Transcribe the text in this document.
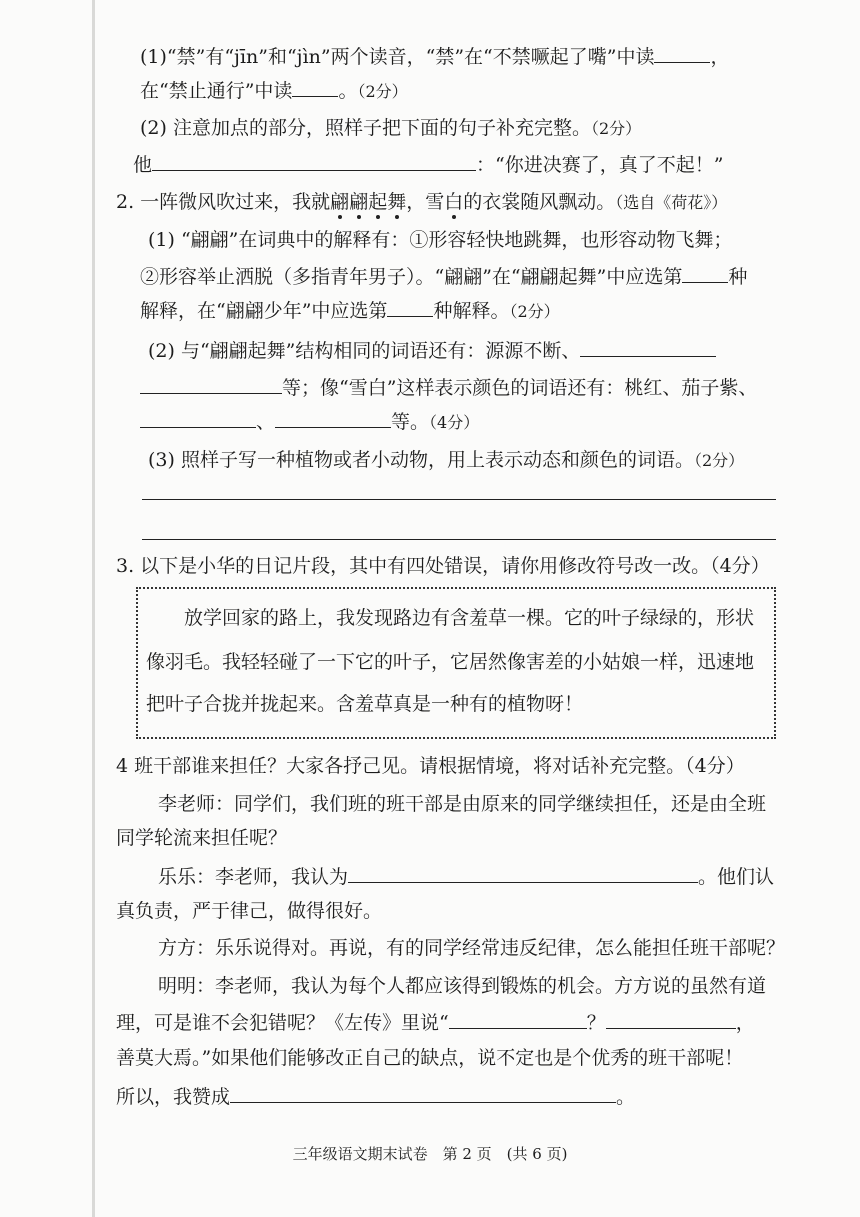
(1)“禁”有“jīn”和“jìn”两个读音，“禁”在“不禁噘起了嘴”中读	，
在“禁止通行”中读 。（2分）
(2) 注意加点的部分，照样子把下面的句子补充完整。（2分）
他	：“你进决赛了，真了不起！”
2. 一阵微风吹过来，我就翩翩起舞，雪白的衣裳随风飘动。（选自《荷花》）
(1) “翩翩”在词典中的解释有：①形容轻快地跳舞，也形容动物飞舞；
②形容举止洒脱（多指青年男子）。“翩翩”在“翩翩起舞”中应选第 种
解释，在“翩翩少年”中应选第 种解释。（2分）
(2) 与“翩翩起舞”结构相同的词语还有：源源不断、
等；像“雪白”这样表示颜色的词语还有：桃红、茄子紫、
、	等。（4分）
(3) 照样子写一种植物或者小动物，用上表示动态和颜色的词语。（2分）
3. 以下是小华的日记片段，其中有四处错误，请你用修改符号改一改。（4分）
放学回家的路上，我发现路边有含羞草一棵。它的叶子绿绿的，形状
像羽毛。我轻轻碰了一下它的叶子，它居然像害差的小姑娘一样，迅速地
把叶子合拢并拢起来。含羞草真是一种有的植物呀！
4 班干部谁来担任？大家各抒己见。请根据情境，将对话补充完整。（4分）
李老师：同学们，我们班的班干部是由原来的同学继续担任，还是由全班
同学轮流来担任呢？
乐乐：李老师，我认为	。他们认
真负责，严于律己，做得很好。
方方：乐乐说得对。再说，有的同学经常违反纪律，怎么能担任班干部呢？
明明：李老师，我认为每个人都应该得到锻炼的机会。方方说的虽然有道
理，可是谁不会犯错呢？《左传》里说“	？	，
善莫大焉。”如果他们能够改正自己的缺点，说不定也是个优秀的班干部呢！
所以，我赞成	。
三年级语文期末试卷　第 2 页　(共 6 页)
